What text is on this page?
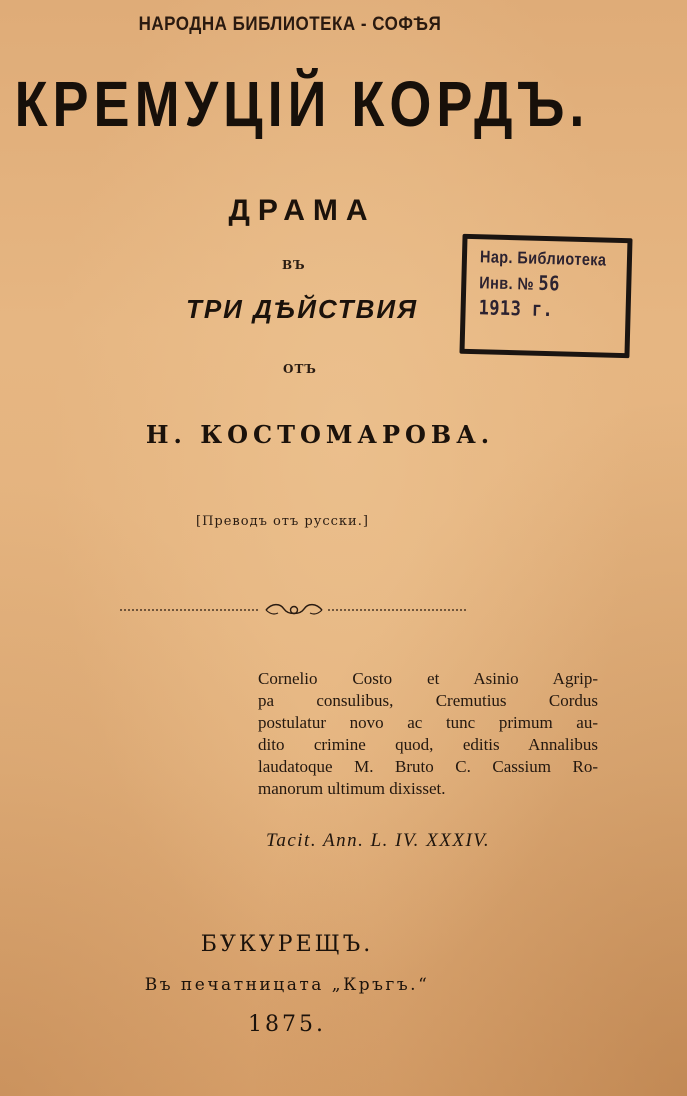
НАРОДНА БИБЛИОТЕКА - СОФѢЯ
КРЕМУЦІЙ КОРДЪ.
ДРАМА
ВЪ
ТРИ ДѢЙСТВИЯ
ОТЪ
Н. КОСТОМАРОВА.
[Преводъ отъ русски.]
Cornelio Costo et Asinio Agrip-
pa consulibus, Cremutius Cordus
postulatur novo ac tunc primum au-
dito crimine quod, editis Annalibus
laudatoque M. Bruto C. Cassium Ro-
manorum ultimum dixisset.
Tacit. Ann. L. IV. XXXIV.
БУКУРЕЩЪ.
Въ печатницата „Кръгъ.“
1875.
Нар. Библиотека
Инв. № 56
1913 г.
